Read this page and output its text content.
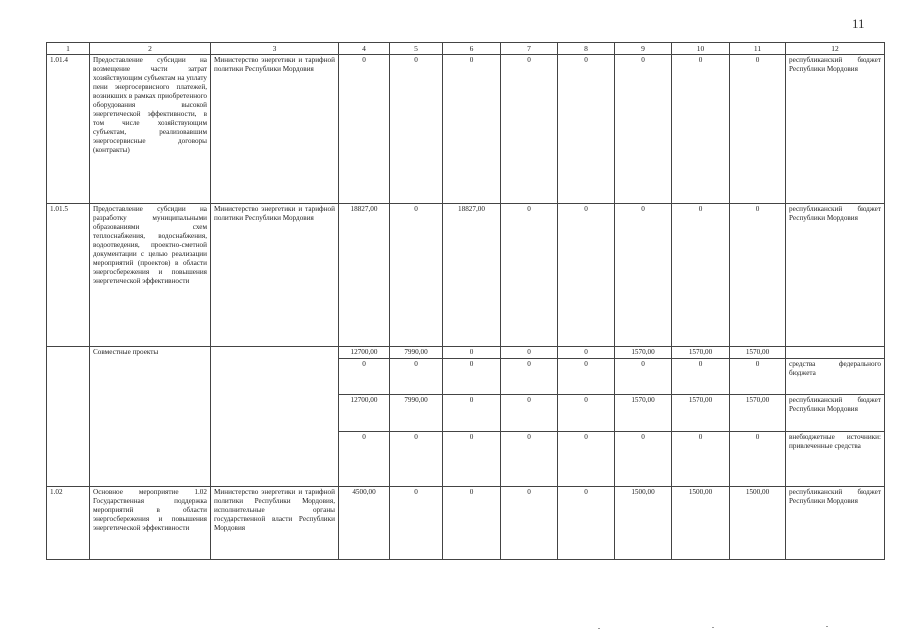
11
1	2	3	4	5	6	7	8	9	10	11	12
1.01.4	Предоставление субсидии на возмещение части затрат хозяйствующим субъектам на уплату пени энергосервисного платежей, возникших в рамках приобретенного оборудования высокой энергетической эффективности, в том числе хозяйствующим субъектам, реализовавшим энергосервисные договоры (контракты)	Министерство энергетики и тарифной политики Республики Мордовия	0	0	0	0	0	0	0	0	республиканский бюджет Республики Мордовия
1.01.5	Предоставление субсидии на разработку муниципальными образованиями схем теплоснабжения, водоснабжения, водоотведения, проектно-сметной документации с целью реализации мероприятий (проектов) в области энергосбережения и повышения энергетической эффективности	Министерство энергетики и тарифной политики Республики Мордовия	18827,00	0	18827,00	0	0	0	0	0	республиканский бюджет Республики Мордовия
	Совместные проекты		12700,00	7990,00	0	0	0	1570,00	1570,00	1570,00	
			0	0	0	0	0	0	0	0	средства федерального бюджета
			12700,00	7990,00	0	0	0	1570,00	1570,00	1570,00	республиканский бюджет Республики Мордовия
			0	0	0	0	0	0	0	0	внебюджетные источники: привлеченные средства
1.02	Основное мероприятие 1.02 Государственная поддержка мероприятий в области энергосбережения и повышения энергетической эффективности	Министерство энергетики и тарифной политики Республики Мордовия, исполнительные органы государственной власти Республики Мордовия	4500,00	0	0	0	0	1500,00	1500,00	1500,00	республиканский бюджет Республики Мордовия
